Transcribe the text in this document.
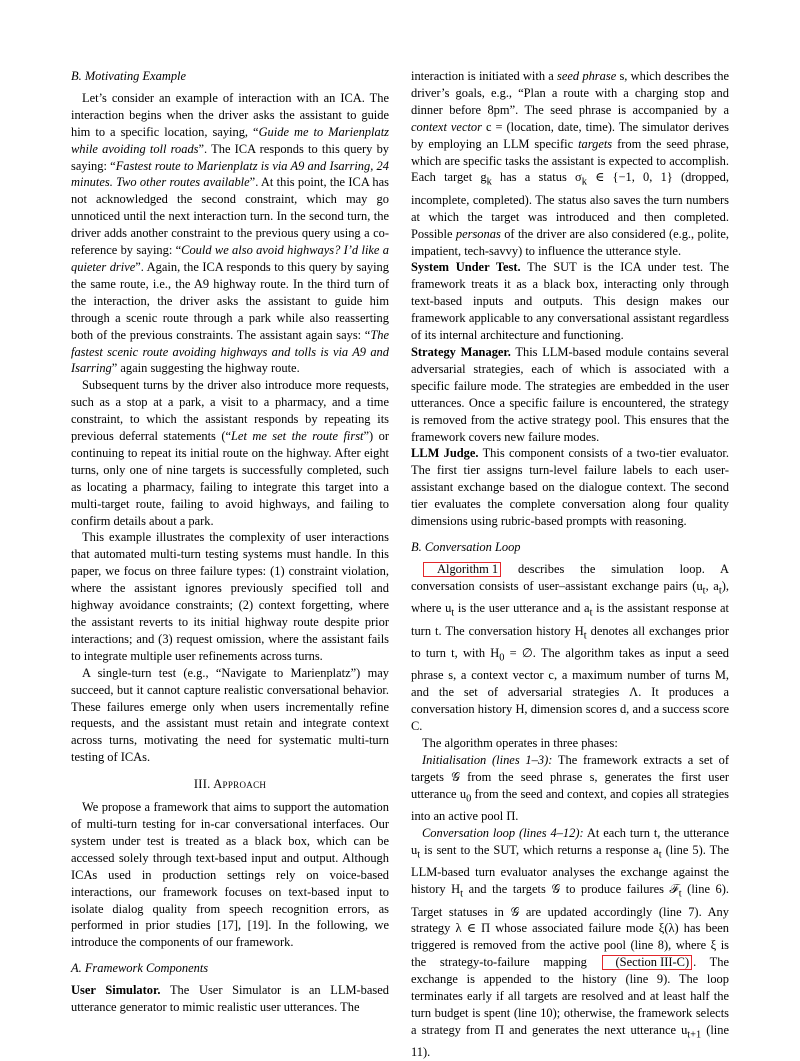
B. Motivating Example

Let’s consider an example of interaction with an ICA. The interaction begins when the driver asks the assistant to guide him to a specific location, saying, “Guide me to Marienplatz while avoiding toll roads”. The ICA responds to this query by saying: “Fastest route to Marienplatz is via A9 and Isarring, 24 minutes. Two other routes available”. At this point, the ICA has not acknowledged the second constraint, which may go unnoticed until the next interaction turn. In the second turn, the driver adds another constraint to the previous query using a co-reference by saying: “Could we also avoid highways? I’d like a quieter drive”. Again, the ICA responds to this query by saying the same route, i.e., the A9 highway route. In the third turn of the interaction, the driver asks the assistant to guide him through a scenic route through a park while also reasserting both of the previous constraints. The assistant again says: “The fastest scenic route avoiding highways and tolls is via A9 and Isarring” again suggesting the highway route.

Subsequent turns by the driver also introduce more requests, such as a stop at a park, a visit to a pharmacy, and a time constraint, to which the assistant responds by repeating its previous deferral statements (“Let me set the route first”) or continuing to repeat its initial route on the highway. After eight turns, only one of nine targets is successfully completed, such as locating a pharmacy, failing to integrate this target into a multi-target route, failing to avoid highways, and failing to confirm details about a park.

This example illustrates the complexity of user interactions that automated multi-turn testing systems must handle. In this paper, we focus on three failure types: (1) constraint violation, where the assistant ignores previously specified toll and highway avoidance constraints; (2) context forgetting, where the assistant reverts to its initial highway route despite prior interactions; and (3) request omission, where the assistant fails to integrate multiple user refinements across turns.

A single-turn test (e.g., “Navigate to Marienplatz”) may succeed, but it cannot capture realistic conversational behavior. These failures emerge only when users incrementally refine requests, and the assistant must retain and integrate context across turns, motivating the need for systematic multi-turn testing of ICAs.

III. Approach

We propose a framework that aims to support the automation of multi-turn testing for in-car conversational interfaces. Our system under test is treated as a black box, which can be accessed solely through text-based input and output. Although ICAs used in production settings rely on voice-based interactions, our framework focuses on text-based input to isolate dialog quality from speech recognition errors, as performed in prior studies [17], [19]. In the following, we introduce the components of our framework.

A. Framework Components

User Simulator. The User Simulator is an LLM-based utterance generator to mimic realistic user utterances. The

interaction is initiated with a seed phrase s, which describes the driver’s goals, e.g., “Plan a route with a charging stop and dinner before 8pm”. The seed phrase is accompanied by a context vector c = (location, date, time). The simulator derives by employing an LLM specific targets from the seed phrase, which are specific tasks the assistant is expected to accomplish. Each target $g_k$ has a status $\sigma_k$ ∈ {−1, 0, 1} (dropped, incomplete, completed). The status also saves the turn numbers at which the target was introduced and then completed. Possible personas of the driver are also considered (e.g., polite, impatient, tech-savvy) to influence the utterance style.

System Under Test. The SUT is the ICA under test. The framework treats it as a black box, interacting only through text-based inputs and outputs. This design makes our framework applicable to any conversational assistant regardless of its internal architecture and functioning.

Strategy Manager. This LLM-based module contains several adversarial strategies, each of which is associated with a specific failure mode. The strategies are embedded in the user utterances. Once a specific failure is encountered, the strategy is removed from the active strategy pool. This ensures that the framework covers new failure modes.

LLM Judge. This component consists of a two-tier evaluator. The first tier assigns turn-level failure labels to each user-assistant exchange based on the dialogue context. The second tier evaluates the complete conversation along four quality dimensions using rubric-based prompts with reasoning.

B. Conversation Loop

Algorithm 1 describes the simulation loop. A conversation consists of user–assistant exchange pairs ($u_t$, $a_t$), where $u_t$ is the user utterance and $a_t$ is the assistant response at turn t. The conversation history $H_t$ denotes all exchanges prior to turn t, with $H_0$ = ∅. The algorithm takes as input a seed phrase s, a context vector c, a maximum number of turns M, and the set of adversarial strategies Λ. It produces a conversation history H, dimension scores d, and a success score C.

The algorithm operates in three phases:

Initialisation (lines 1–3): The framework extracts a set of targets 𝒢 from the seed phrase s, generates the first user utterance $u_0$ from the seed and context, and copies all strategies into an active pool Π.

Conversation loop (lines 4–12): At each turn t, the utterance $u_t$ is sent to the SUT, which returns a response $a_t$ (line 5). The LLM-based turn evaluator analyses the exchange against the history $H_t$ and the targets 𝒢 to produce failures ℱ$_t$ (line 6). Target statuses in 𝒢 are updated accordingly (line 7). Any strategy λ ∈ Π whose associated failure mode ξ(λ) has been triggered is removed from the active pool (line 8), where ξ is the strategy-to-failure mapping (Section III-C) . The exchange is appended to the history (line 9). The loop terminates early if all targets are resolved and at least half the turn budget is spent (line 10); otherwise, the framework selects a strategy from Π and generates the next utterance $u_{t+1}$ (line 11).
